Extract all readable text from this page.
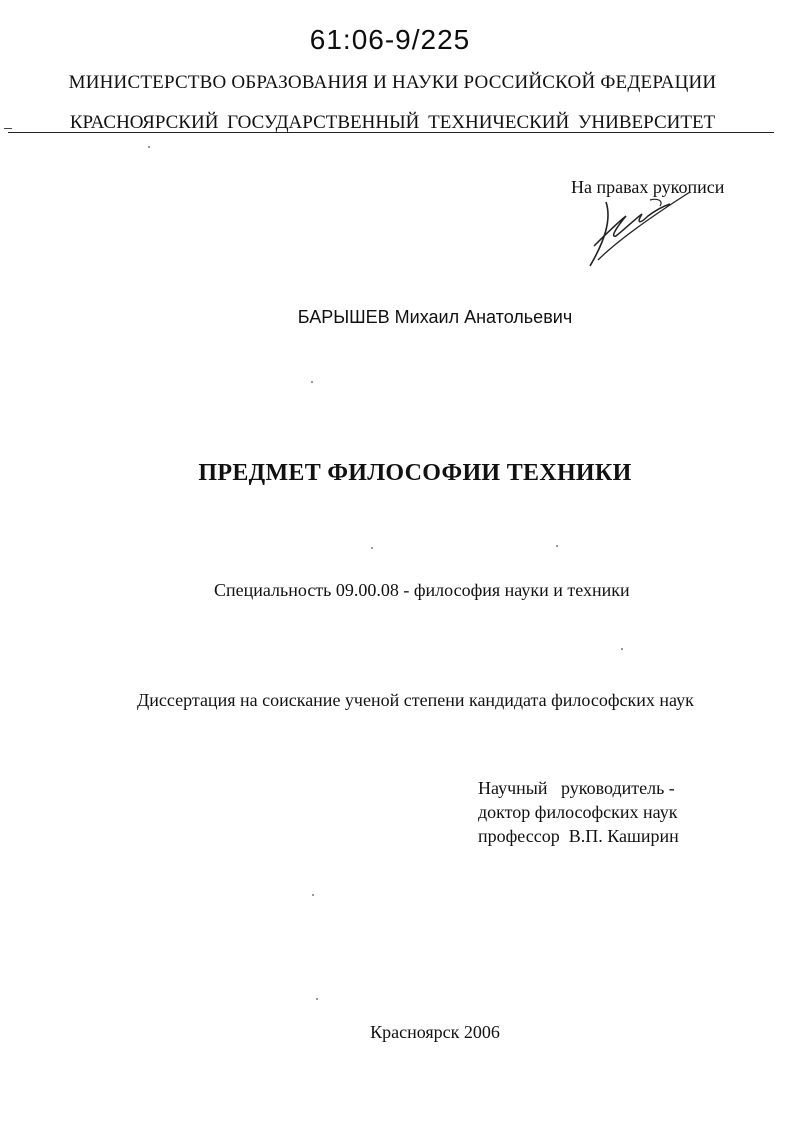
61:06-9/225
МИНИСТЕРСТВО ОБРАЗОВАНИЯ И НАУКИ РОССИЙСКОЙ ФЕДЕРАЦИИ
КРАСНОЯРСКИЙ ГОСУДАРСТВЕННЫЙ ТЕХНИЧЕСКИЙ УНИВЕРСИТЕТ
На правах рукописи
БАРЫШЕВ Михаил Анатольевич
ПРЕДМЕТ ФИЛОСОФИИ ТЕХНИКИ
Специальность 09.00.08 - философия науки и техники
Диссертация на соискание ученой степени кандидата философских наук
Научный   руководитель -
доктор философских наук
профессор  В.П. Каширин
Красноярск 2006
